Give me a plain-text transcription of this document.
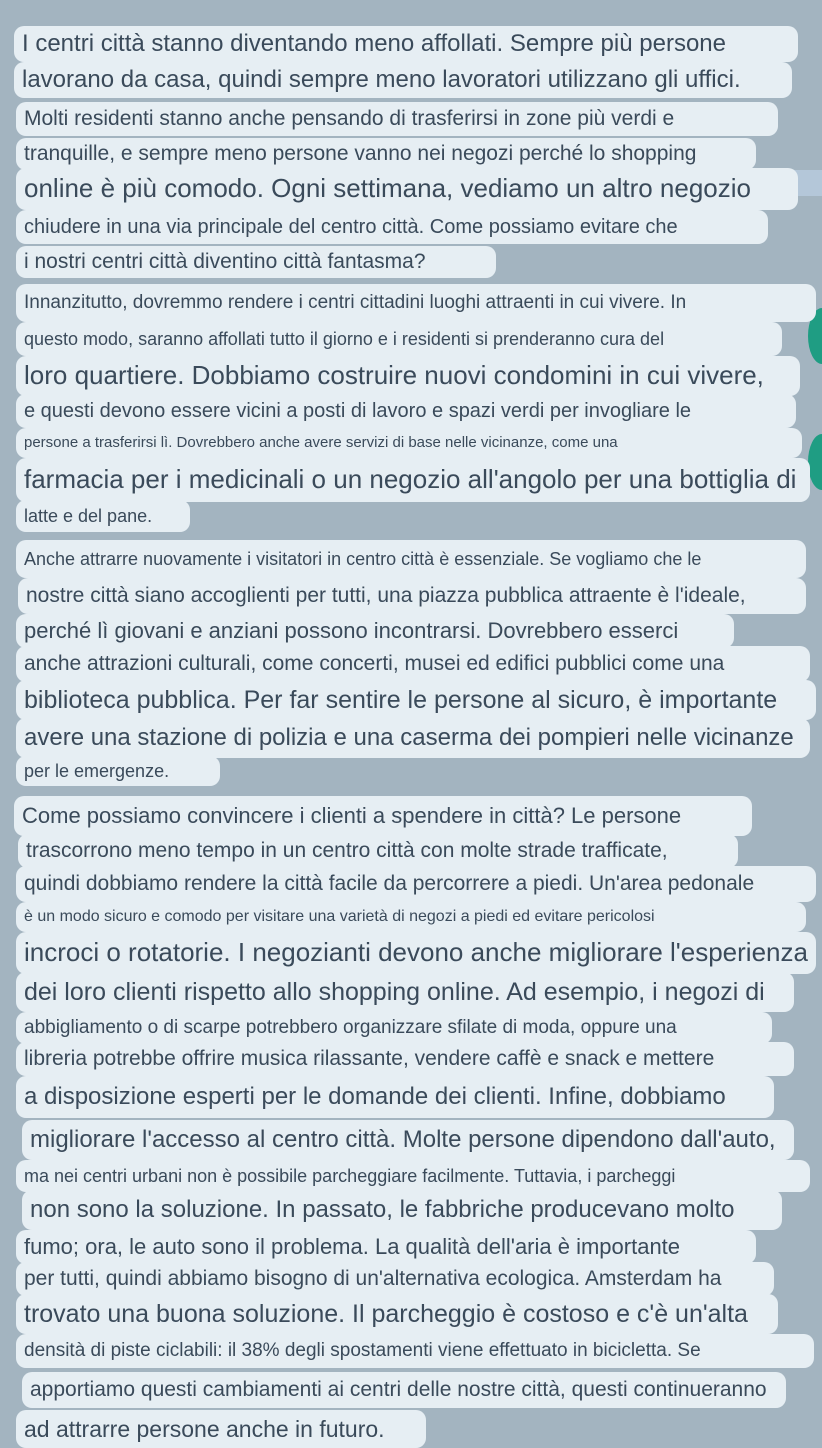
I centri città stanno diventando meno affollati. Sempre più persone
lavorano da casa, quindi sempre meno lavoratori utilizzano gli uffici.
Molti residenti stanno anche pensando di trasferirsi in zone più verdi e
tranquille, e sempre meno persone vanno nei negozi perché lo shopping
online è più comodo. Ogni settimana, vediamo un altro negozio
chiudere in una via principale del centro città. Come possiamo evitare che
i nostri centri città diventino città fantasma?
Innanzitutto, dovremmo rendere i centri cittadini luoghi attraenti in cui vivere. In
questo modo, saranno affollati tutto il giorno e i residenti si prenderanno cura del
loro quartiere. Dobbiamo costruire nuovi condomini in cui vivere,
e questi devono essere vicini a posti di lavoro e spazi verdi per invogliare le
persone a trasferirsi lì. Dovrebbero anche avere servizi di base nelle vicinanze, come una
farmacia per i medicinali o un negozio all'angolo per una bottiglia di
latte e del pane.
Anche attrarre nuovamente i visitatori in centro città è essenziale. Se vogliamo che le
nostre città siano accoglienti per tutti, una piazza pubblica attraente è l'ideale,
perché lì giovani e anziani possono incontrarsi. Dovrebbero esserci
anche attrazioni culturali, come concerti, musei ed edifici pubblici come una
biblioteca pubblica. Per far sentire le persone al sicuro, è importante
avere una stazione di polizia e una caserma dei pompieri nelle vicinanze
per le emergenze.
Come possiamo convincere i clienti a spendere in città? Le persone
trascorrono meno tempo in un centro città con molte strade trafficate,
quindi dobbiamo rendere la città facile da percorrere a piedi. Un'area pedonale
è un modo sicuro e comodo per visitare una varietà di negozi a piedi ed evitare pericolosi
incroci o rotatorie. I negozianti devono anche migliorare l'esperienza
dei loro clienti rispetto allo shopping online. Ad esempio, i negozi di
abbigliamento o di scarpe potrebbero organizzare sfilate di moda, oppure una
libreria potrebbe offrire musica rilassante, vendere caffè e snack e mettere
a disposizione esperti per le domande dei clienti. Infine, dobbiamo
migliorare l'accesso al centro città. Molte persone dipendono dall'auto,
ma nei centri urbani non è possibile parcheggiare facilmente. Tuttavia, i parcheggi
non sono la soluzione. In passato, le fabbriche producevano molto
fumo; ora, le auto sono il problema. La qualità dell'aria è importante
per tutti, quindi abbiamo bisogno di un'alternativa ecologica. Amsterdam ha
trovato una buona soluzione. Il parcheggio è costoso e c'è un'alta
densità di piste ciclabili: il 38% degli spostamenti viene effettuato in bicicletta. Se
apportiamo questi cambiamenti ai centri delle nostre città, questi continueranno
ad attrarre persone anche in futuro.
